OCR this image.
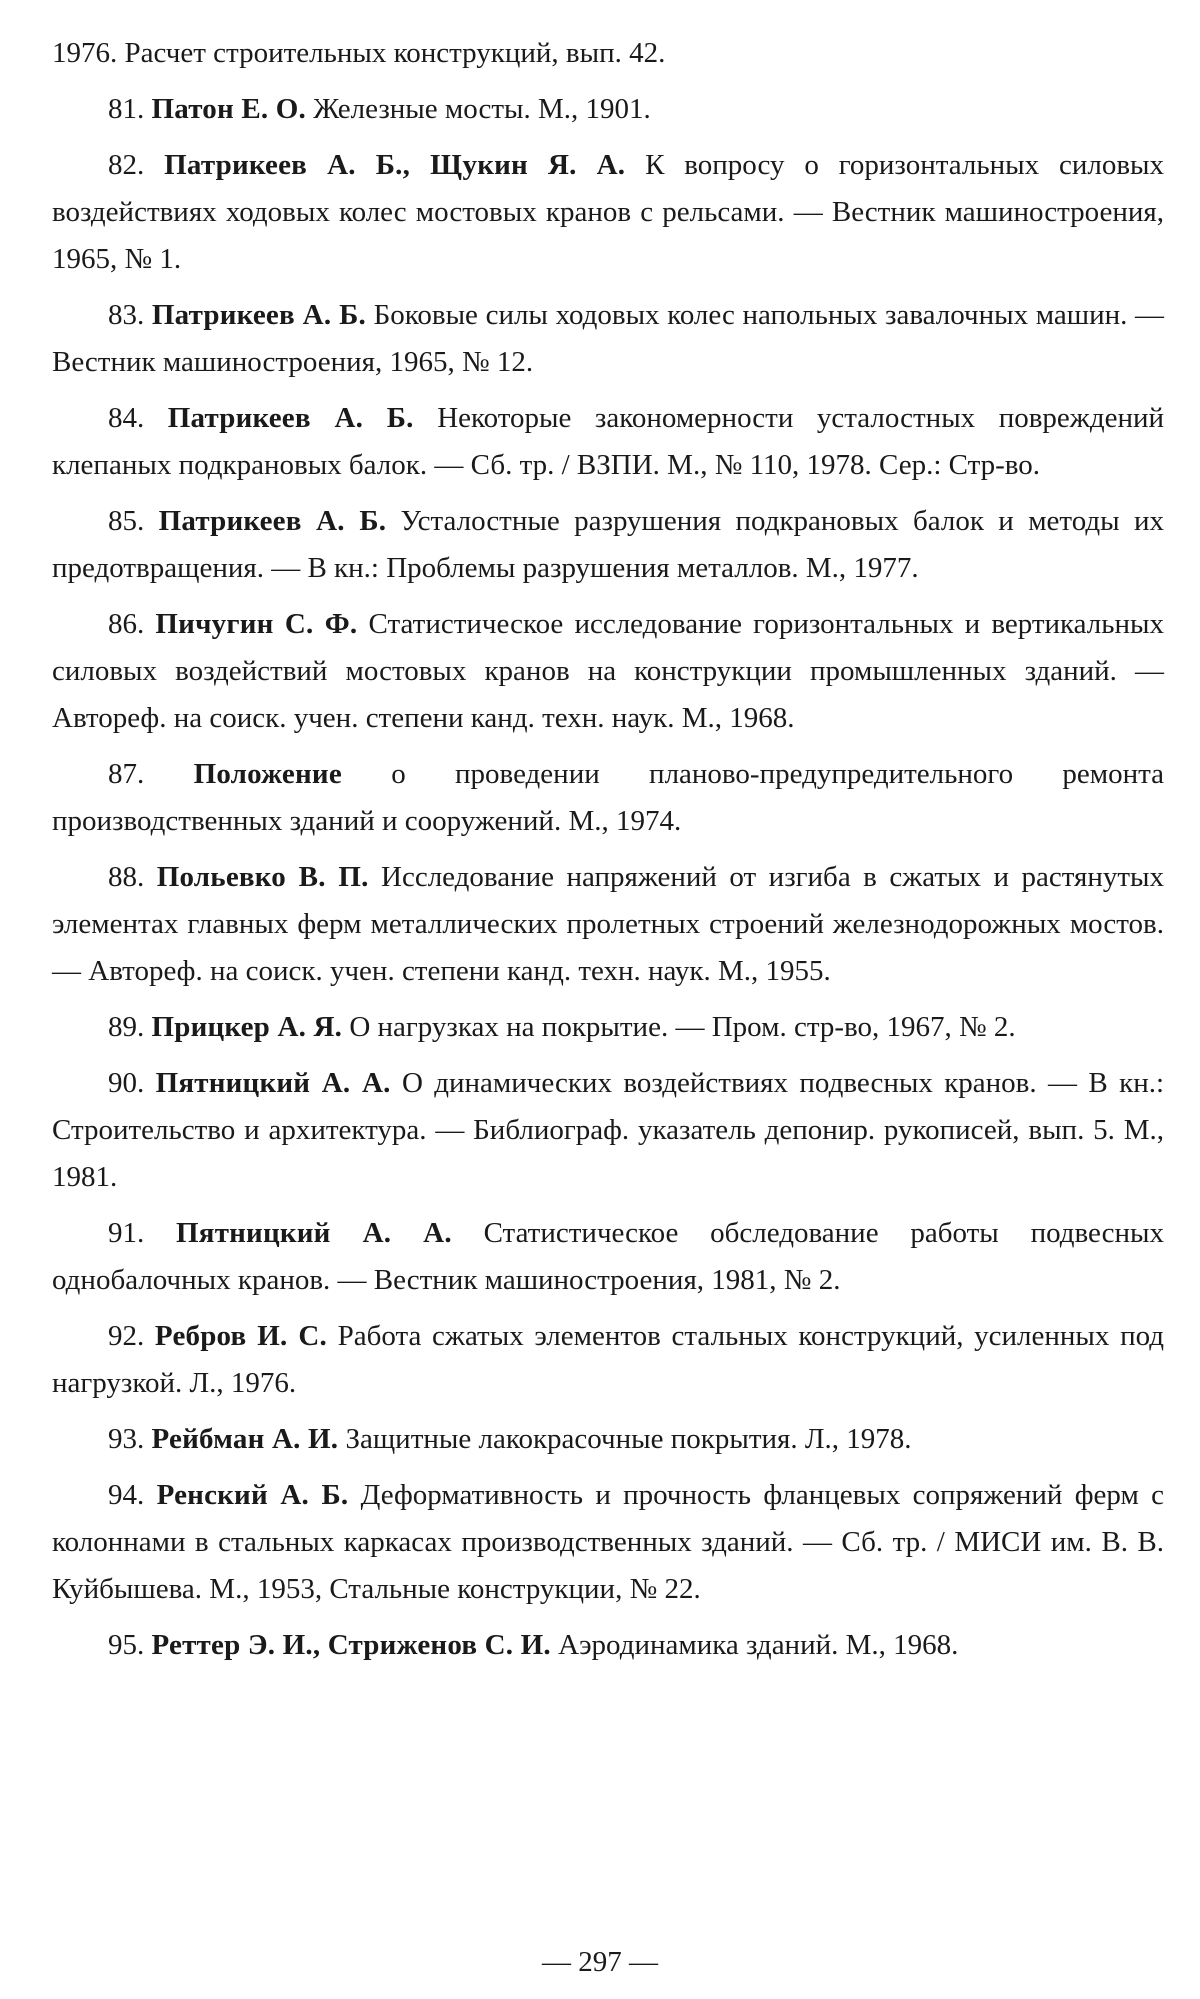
1976. Расчет строительных конструкций, вып. 42.

81. Патон Е. О. Железные мосты. М., 1901.

82. Патрикеев А. Б., Щукин Я. А. К вопросу о горизонтальных силовых воздействиях ходовых колес мостовых кранов с рельсами. — Вестник машиностроения, 1965, № 1.

83. Патрикеев А. Б. Боковые силы ходовых колес напольных завалочных машин. — Вестник машиностроения, 1965, № 12.

84. Патрикеев А. Б. Некоторые закономерности усталостных повреждений клепаных подкрановых балок. — Сб. тр. / ВЗПИ. М., № 110, 1978. Сер.: Стр-во.

85. Патрикеев А. Б. Усталостные разрушения подкрановых балок и методы их предотвращения. — В кн.: Проблемы разрушения металлов. М., 1977.

86. Пичугин С. Ф. Статистическое исследование горизонтальных и вертикальных силовых воздействий мостовых кранов на конструкции промышленных зданий. — Автореф. на соиск. учен. степени канд. техн. наук. М., 1968.

87. Положение о проведении планово-предупредительного ремонта производственных зданий и сооружений. М., 1974.

88. Польевко В. П. Исследование напряжений от изгиба в сжатых и растянутых элементах главных ферм металлических пролетных строений железнодорожных мостов. — Автореф. на соиск. учен. степени канд. техн. наук. М., 1955.

89. Прицкер А. Я. О нагрузках на покрытие. — Пром. стр-во, 1967, № 2.

90. Пятницкий А. А. О динамических воздействиях подвесных кранов. — В кн.: Строительство и архитектура. — Библиограф. указатель депонир. рукописей, вып. 5. М., 1981.

91. Пятницкий А. А. Статистическое обследование работы подвесных однобалочных кранов. — Вестник машиностроения, 1981, № 2.

92. Ребров И. С. Работа сжатых элементов стальных конструкций, усиленных под нагрузкой. Л., 1976.

93. Рейбман А. И. Защитные лакокрасочные покрытия. Л., 1978.

94. Ренский А. Б. Деформативность и прочность фланцевых сопряжений ферм с колоннами в стальных каркасах производственных зданий. — Сб. тр. / МИСИ им. В. В. Куйбышева. М., 1953, Стальные конструкции, № 22.

95. Реттер Э. И., Стриженов С. И. Аэродинамика зданий. М., 1968.

— 297 —
